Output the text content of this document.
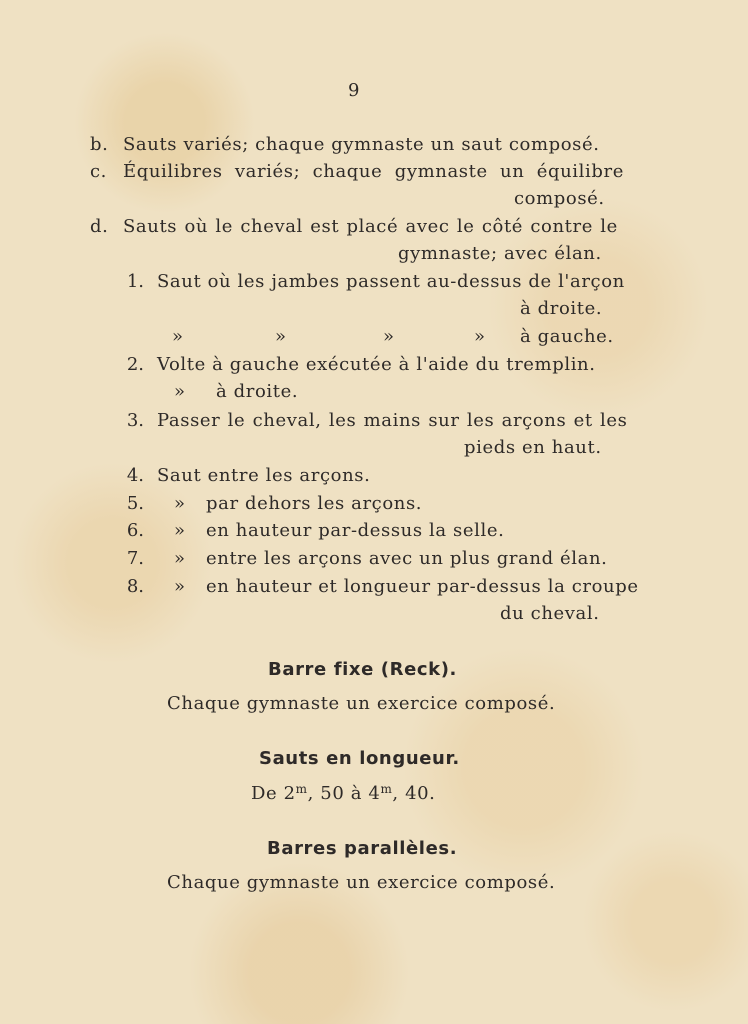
9
b. Sauts variés; chaque gymnaste un saut composé.
c. Équilibres variés; chaque gymnaste un équilibre
composé.
d. Sauts où le cheval est placé avec le côté contre le
gymnaste; avec élan.
1. Saut où les jambes passent au-dessus de l'arçon
à droite.
»	»	»	» à gauche.
2. Volte à gauche exécutée à l'aide du tremplin.
» à droite.
3. Passer le cheval, les mains sur les arçons et les
pieds en haut.
4. Saut entre les arçons.
5. » par dehors les arçons.
6. » en hauteur par-dessus la selle.
7. » entre les arçons avec un plus grand élan.
8. » en hauteur et longueur par-dessus la croupe
du cheval.
Barre fixe (Reck).
Chaque gymnaste un exercice composé.
Sauts en longueur.
De 2$^m$, 50 à 4$^m$, 40.
Barres parallèles.
Chaque gymnaste un exercice composé.
